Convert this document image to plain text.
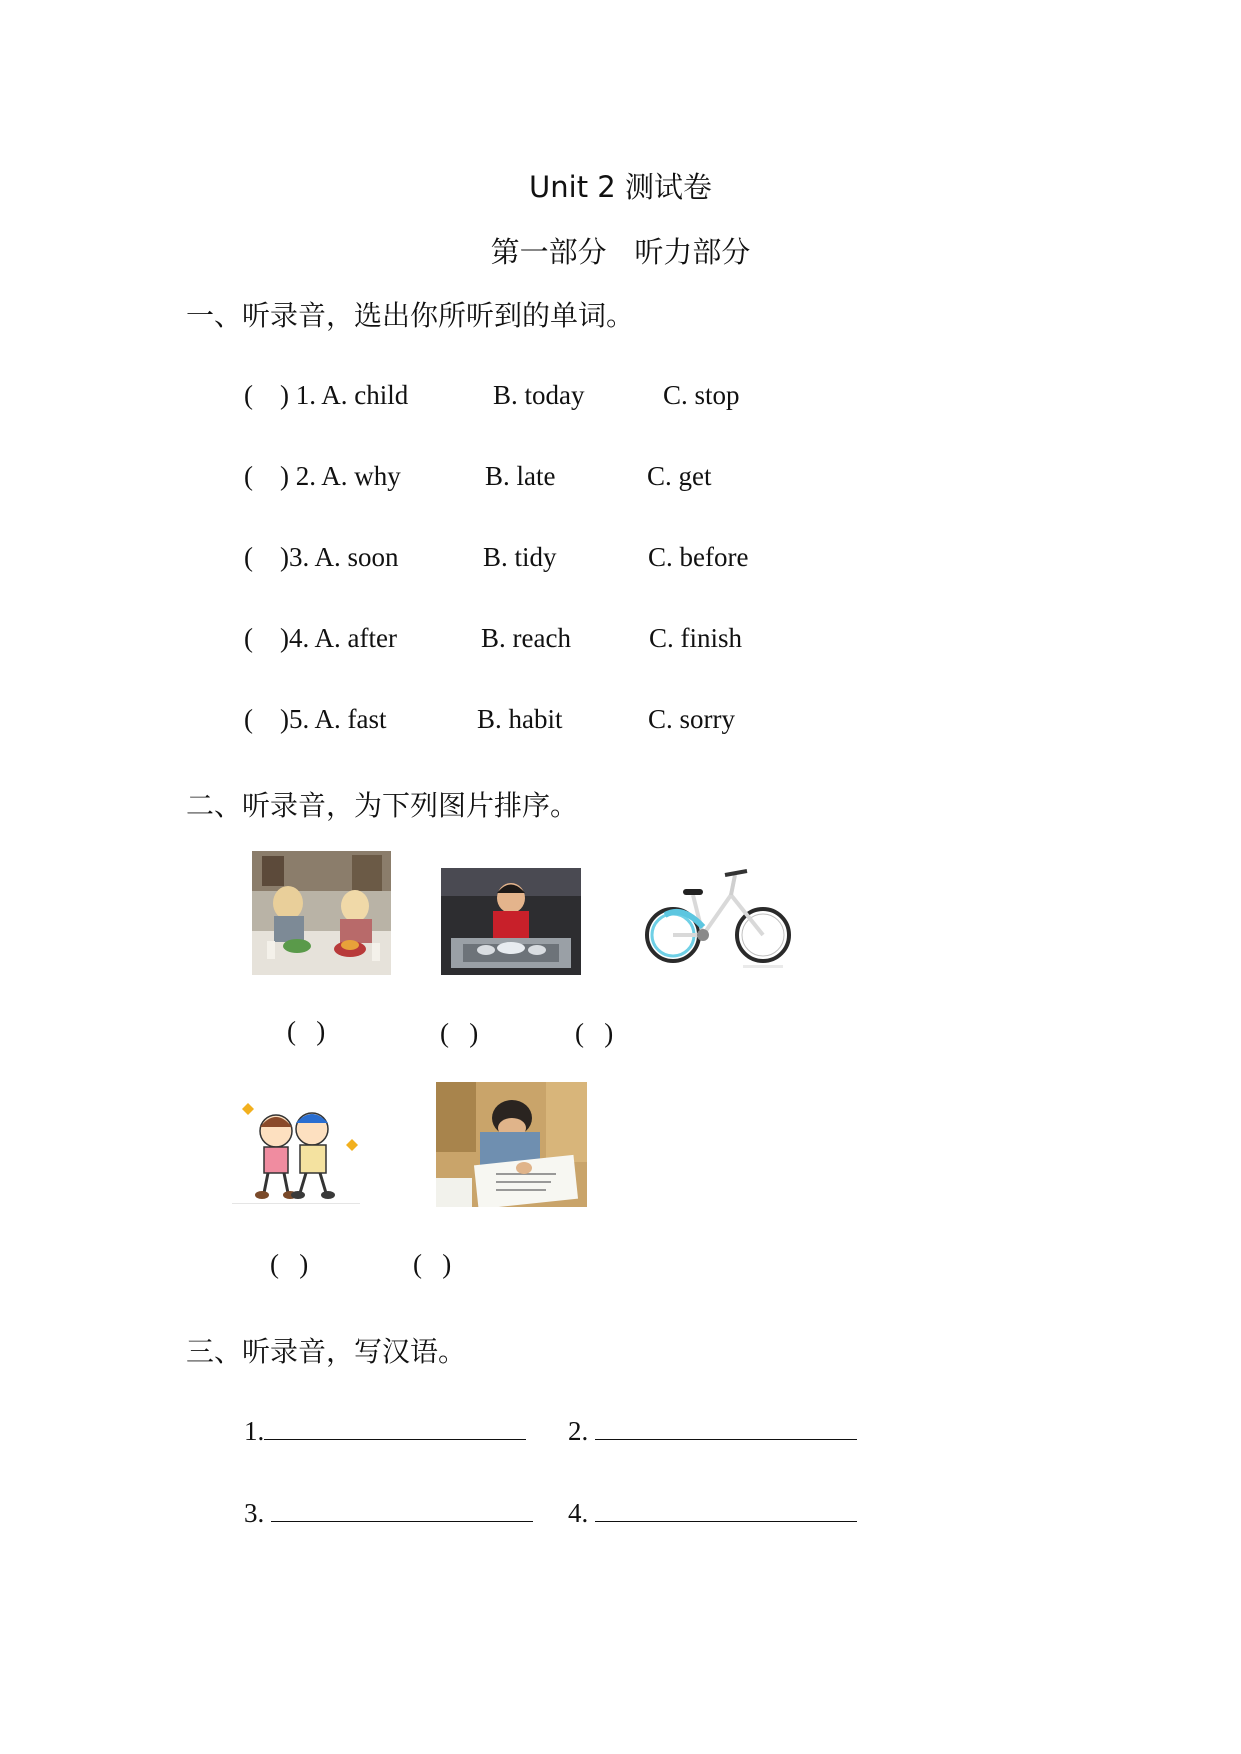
Unit 2 测试卷
第一部分   听力部分
一、听录音，选出你所听到的单词。
(    ) 1. A. child	B. today	C. stop
(    ) 2. A. why	B. late	C. get
(    )3. A. soon	B. tidy	C. before
(    )4. A. after	B. reach	C. finish
(    )5. A. fast	B. habit	C. sorry
二、听录音，为下列图片排序。
(   )	(   )	(   )
(   )	(   )
三、听录音，写汉语。
1.	2.
3.	4.
